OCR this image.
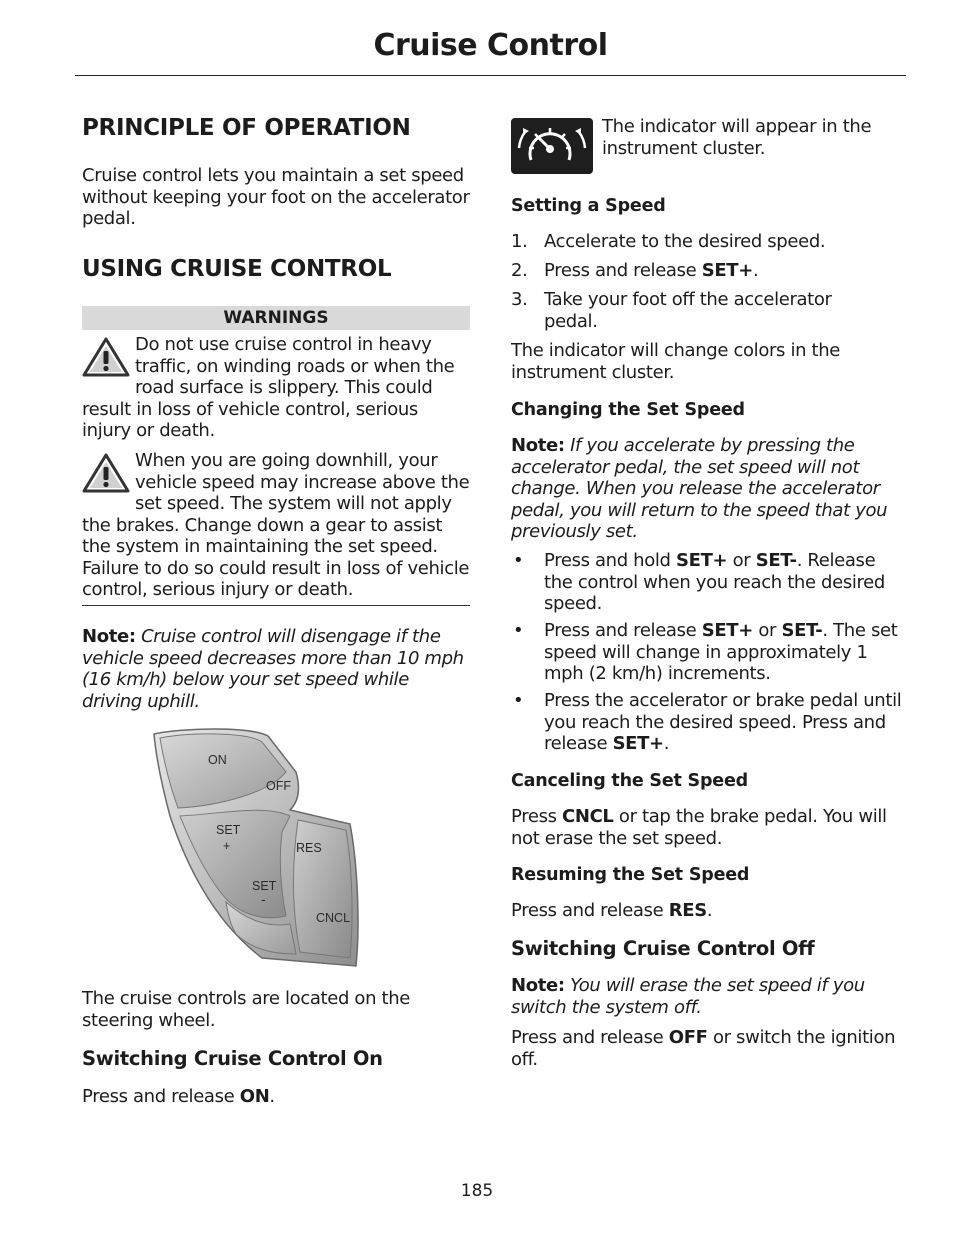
Cruise Control
PRINCIPLE OF OPERATION

Cruise control lets you maintain a set speed without keeping your foot on the accelerator pedal.

USING CRUISE CONTROL
WARNINGS

Do not use cruise control in heavy traffic, on winding roads or when the road surface is slippery. This could result in loss of vehicle control, serious injury or death.

When you are going downhill, your vehicle speed may increase above the set speed. The system will not apply the brakes. Change down a gear to assist the system in maintaining the set speed. Failure to do so could result in loss of vehicle control, serious injury or death.

Note: Cruise control will disengage if the vehicle speed decreases more than 10 mph (16 km/h) below your set speed while driving uphill.

ON
OFF
SET
+	RES
SET
-
CNCL

The cruise controls are located on the steering wheel.

Switching Cruise Control On

Press and release ON.

The indicator will appear in the instrument cluster.

Setting a Speed
1. Accelerate to the desired speed.
2. Press and release SET+.
3. Take your foot off the accelerator pedal.

The indicator will change colors in the instrument cluster.

Changing the Set Speed

Note: If you accelerate by pressing the accelerator pedal, the set speed will not change. When you release the accelerator pedal, you will return to the speed that you previously set.

• Press and hold SET+ or SET-. Release the control when you reach the desired speed.
• Press and release SET+ or SET-. The set speed will change in approximately 1 mph (2 km/h) increments.
• Press the accelerator or brake pedal until you reach the desired speed. Press and release SET+.
Canceling the Set Speed

Press CNCL or tap the brake pedal. You will not erase the set speed.

Resuming the Set Speed

Press and release RES.

Switching Cruise Control Off

Note: You will erase the set speed if you switch the system off.

Press and release OFF or switch the ignition off.

185
